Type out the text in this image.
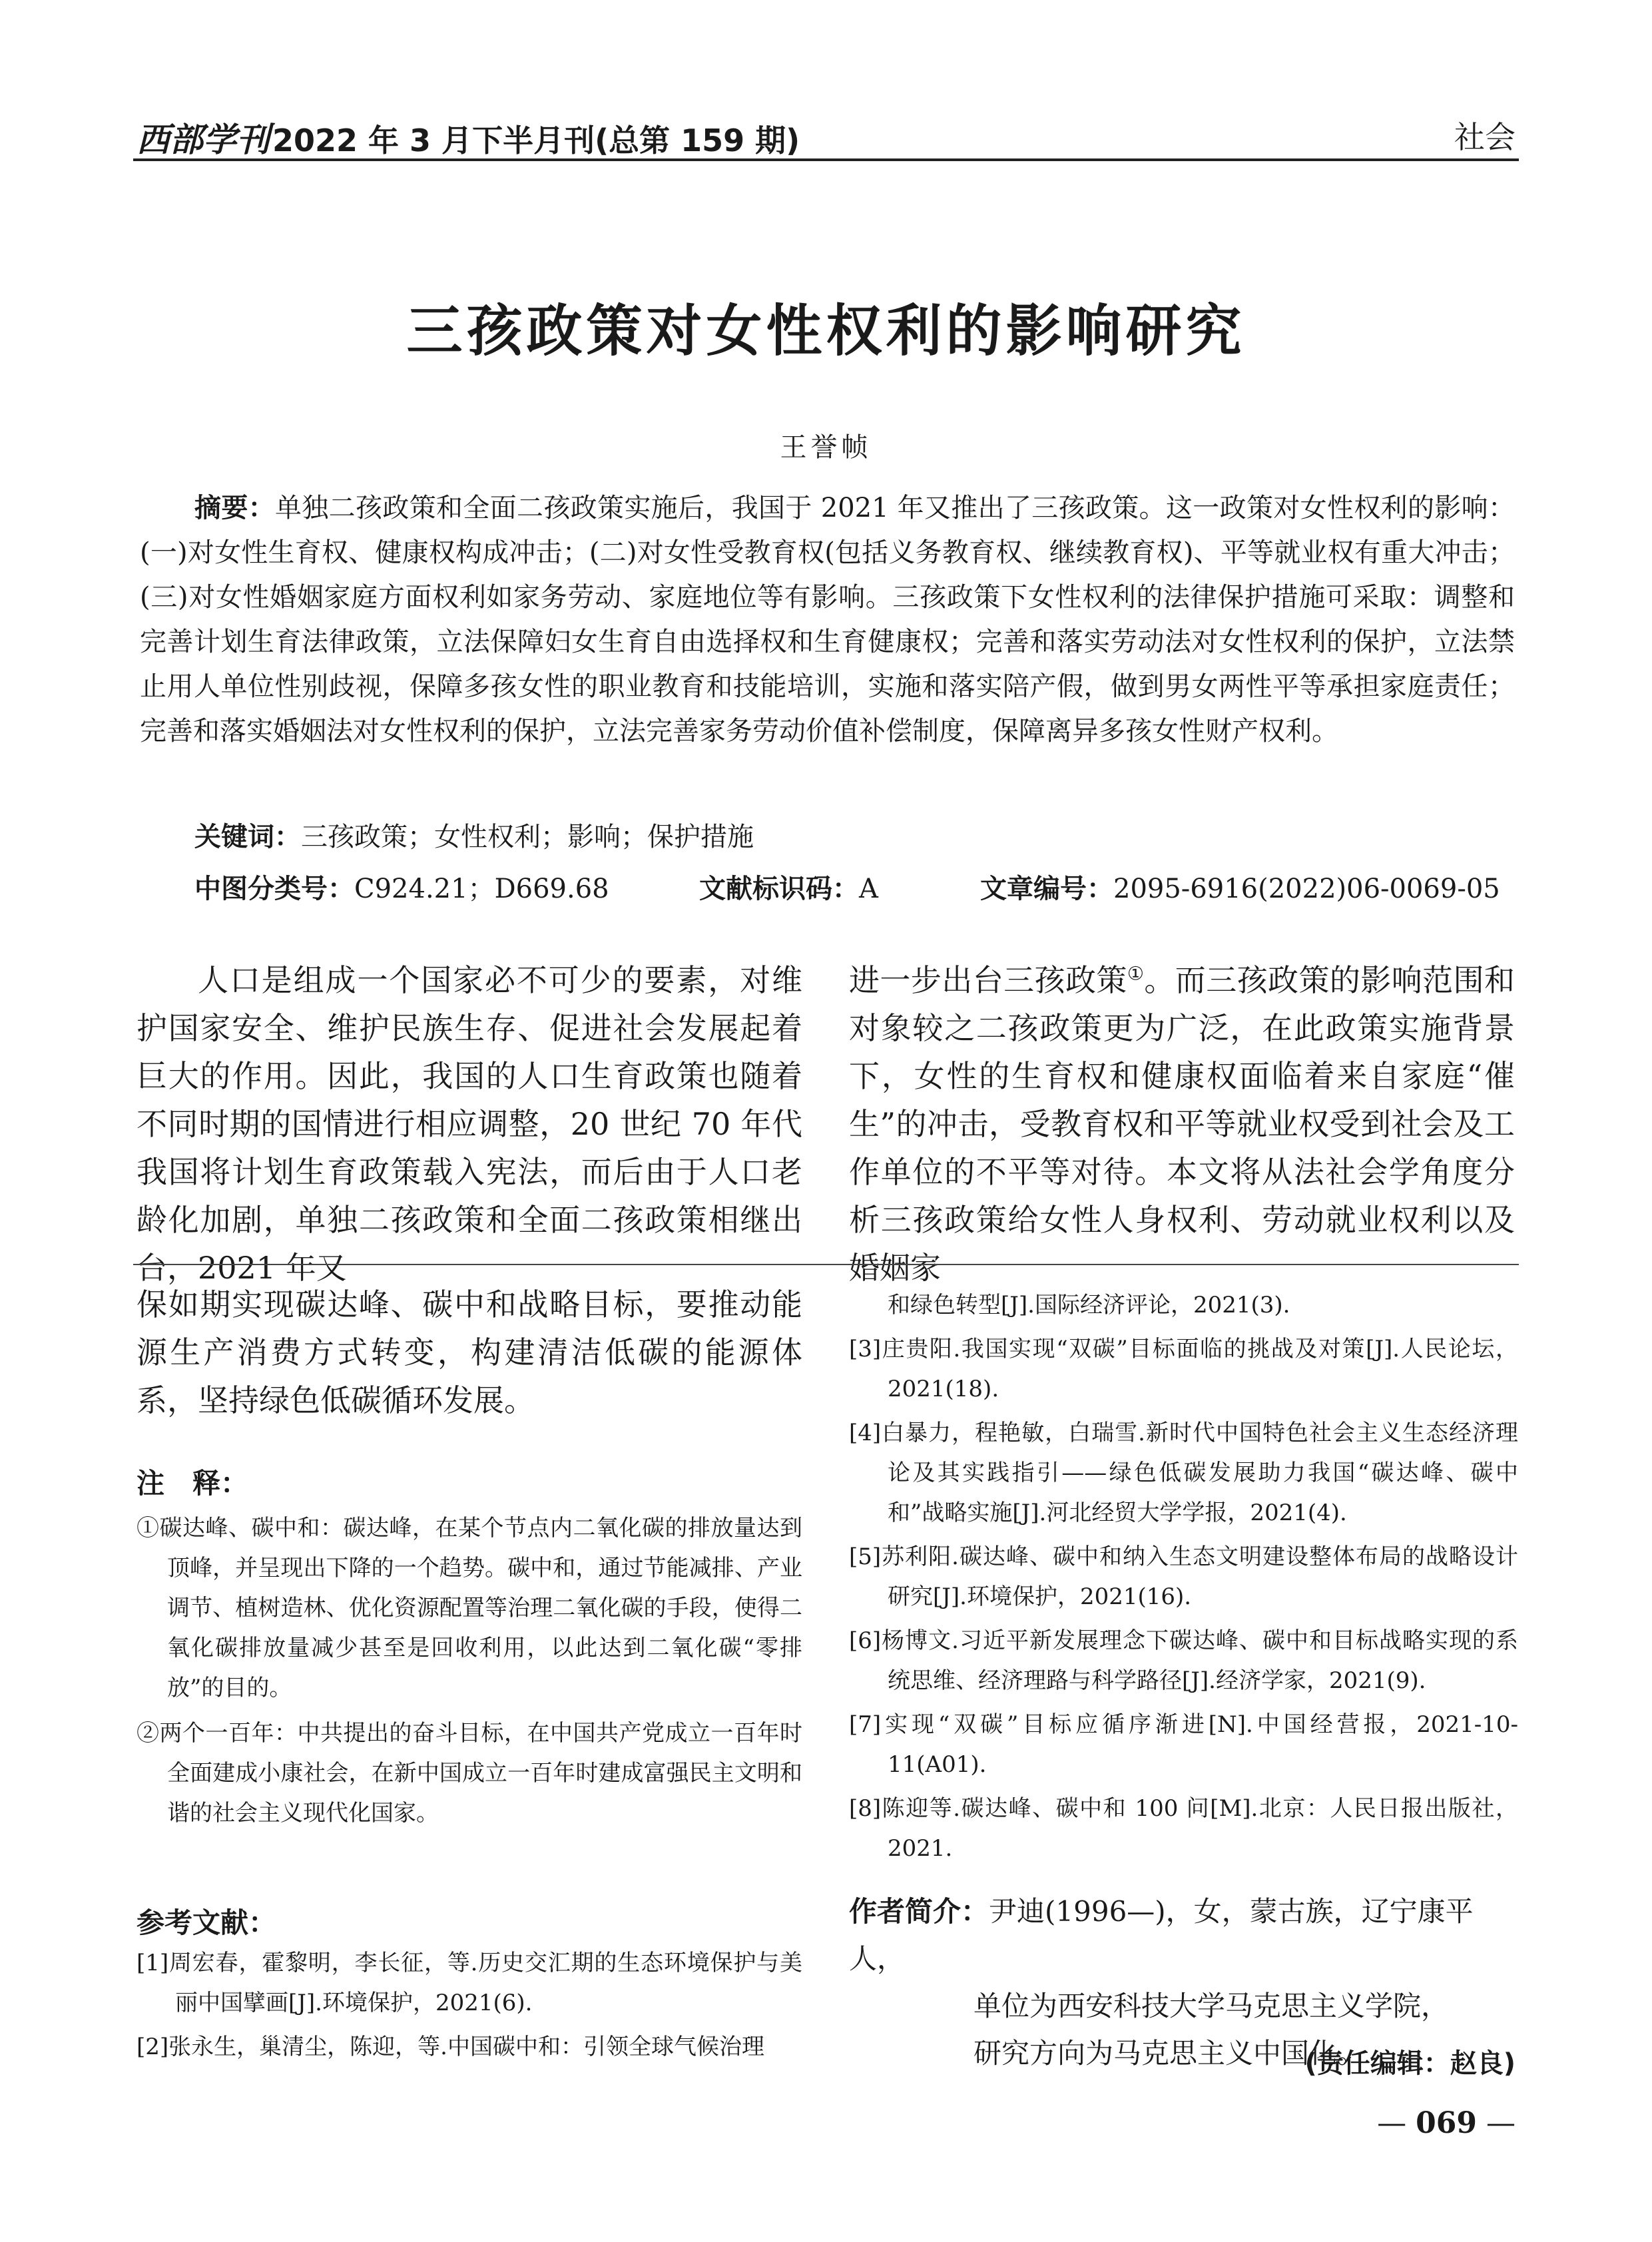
西部学刊2022 年 3 月下半月刊(总第 159 期)	社会
三孩政策对女性权利的影响研究
王誉帧

摘要：单独二孩政策和全面二孩政策实施后，我国于 2021 年又推出了三孩政策。这一政策对女性权利的影响：(一)对女性生育权、健康权构成冲击；(二)对女性受教育权(包括义务教育权、继续教育权)、平等就业权有重大冲击；(三)对女性婚姻家庭方面权利如家务劳动、家庭地位等有影响。三孩政策下女性权利的法律保护措施可采取：调整和完善计划生育法律政策，立法保障妇女生育自由选择权和生育健康权；完善和落实劳动法对女性权利的保护，立法禁止用人单位性别歧视，保障多孩女性的职业教育和技能培训，实施和落实陪产假，做到男女两性平等承担家庭责任；完善和落实婚姻法对女性权利的保护，立法完善家务劳动价值补偿制度，保障离异多孩女性财产权利。

关键词：三孩政策；女性权利；影响；保护措施
中图分类号：C924.21；D669.68	文献标识码：A	文章编号：2095-6916(2022)06-0069-05

人口是组成一个国家必不可少的要素，对维护国家安全、维护民族生存、促进社会发展起着巨大的作用。因此，我国的人口生育政策也随着不同时期的国情进行相应调整，20 世纪 70 年代我国将计划生育政策载入宪法，而后由于人口老龄化加剧，单独二孩政策和全面二孩政策相继出台，2021 年又

进一步出台三孩政策①。而三孩政策的影响范围和对象较之二孩政策更为广泛，在此政策实施背景下，女性的生育权和健康权面临着来自家庭“催生”的冲击，受教育权和平等就业权受到社会及工作单位的不平等对待。本文将从法社会学角度分析三孩政策给女性人身权利、劳动就业权利以及婚姻家

保如期实现碳达峰、碳中和战略目标，要推动能源生产消费方式转变，构建清洁低碳的能源体系，坚持绿色低碳循环发展。
注　释：

①碳达峰、碳中和：碳达峰，在某个节点内二氧化碳的排放量达到顶峰，并呈现出下降的一个趋势。碳中和，通过节能减排、产业调节、植树造林、优化资源配置等治理二氧化碳的手段，使得二氧化碳排放量减少甚至是回收利用，以此达到二氧化碳“零排放”的目的。

②两个一百年：中共提出的奋斗目标，在中国共产党成立一百年时全面建成小康社会，在新中国成立一百年时建成富强民主文明和谐的社会主义现代化国家。

参考文献：

[1]周宏春，霍黎明，李长征，等.历史交汇期的生态环境保护与美丽中国擘画[J].环境保护，2021(6).

[2]张永生，巢清尘，陈迎，等.中国碳中和：引领全球气候治理

和绿色转型[J].国际经济评论，2021(3).

[3]庄贵阳.我国实现“双碳”目标面临的挑战及对策[J].人民论坛，2021(18).

[4]白暴力，程艳敏，白瑞雪.新时代中国特色社会主义生态经济理论及其实践指引——绿色低碳发展助力我国“碳达峰、碳中和”战略实施[J].河北经贸大学学报，2021(4).

[5]苏利阳.碳达峰、碳中和纳入生态文明建设整体布局的战略设计研究[J].环境保护，2021(16).

[6]杨博文.习近平新发展理念下碳达峰、碳中和目标战略实现的系统思维、经济理路与科学路径[J].经济学家，2021(9).

[7]实现“双碳”目标应循序渐进[N].中国经营报，2021-10-11(A01).

[8]陈迎等.碳达峰、碳中和 100 问[M].北京：人民日报出版社，2021.

作者简介：尹迪(1996—)，女，蒙古族，辽宁康平人，
单位为西安科技大学马克思主义学院，
研究方向为马克思主义中国化。
(责任编辑：赵良)
— 069 —
